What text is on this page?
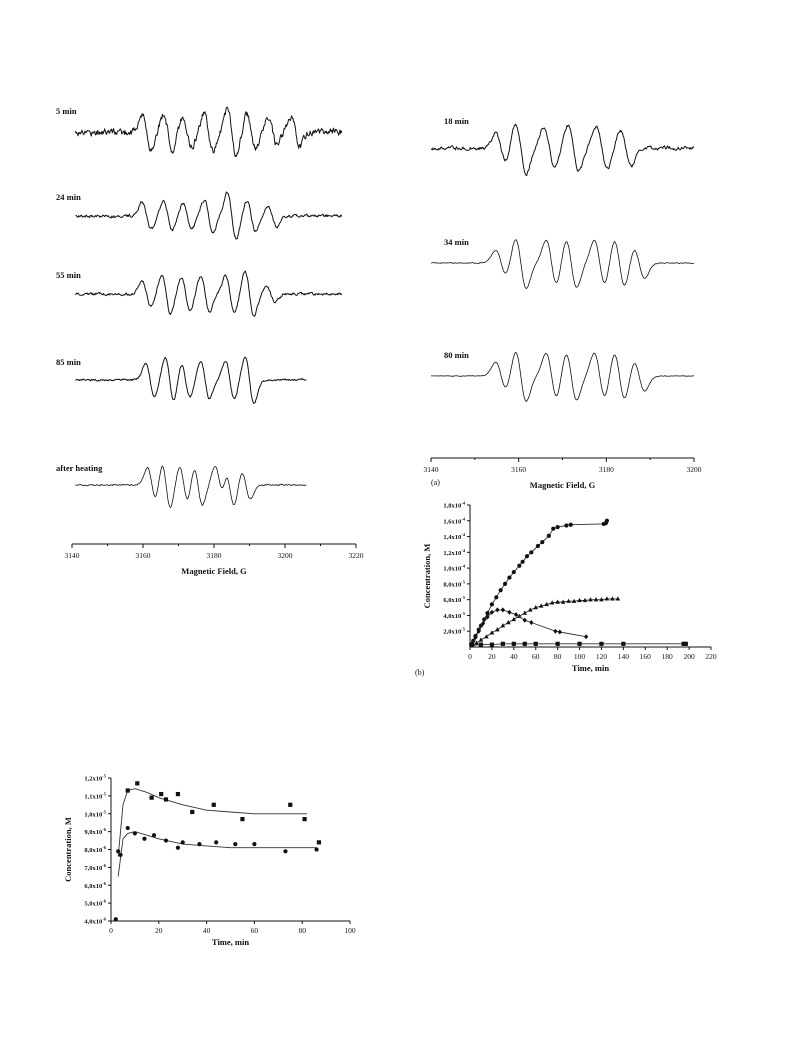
5 min
24 min
55 min
85 min
after heating
3140	3160	3180	3200	3220
Magnetic Field, G
18 min
34 min
80 min
3140	3160	3180	3200
Magnetic Field, G
(a)
0 20 40 60 80 100 120 140 160 180 200 220
$2,0x10^{-5}$
$4,0x10^{-5}$
$6,0x10^{-5}$
$8,0x10^{-5}$
$1,0x10^{-4}$
$1,2x10^{-4}$
$1,4x10^{-4}$
$1,6x10^{-4}$
$1,8x10^{-4}$
Concentration, M
Time, min
(b)
0	20	40	60	80	100
$4,0x10^{-6}$
$5,0x10^{-6}$
$6,0x10^{-6}$
$7,0x10^{-6}$
$8,0x10^{-6}$
$9,0x10^{-6}$
$1,0x10^{-5}$
$1,1x10^{-5}$
$1,2x10^{-5}$
Concentration, M
Time, min
